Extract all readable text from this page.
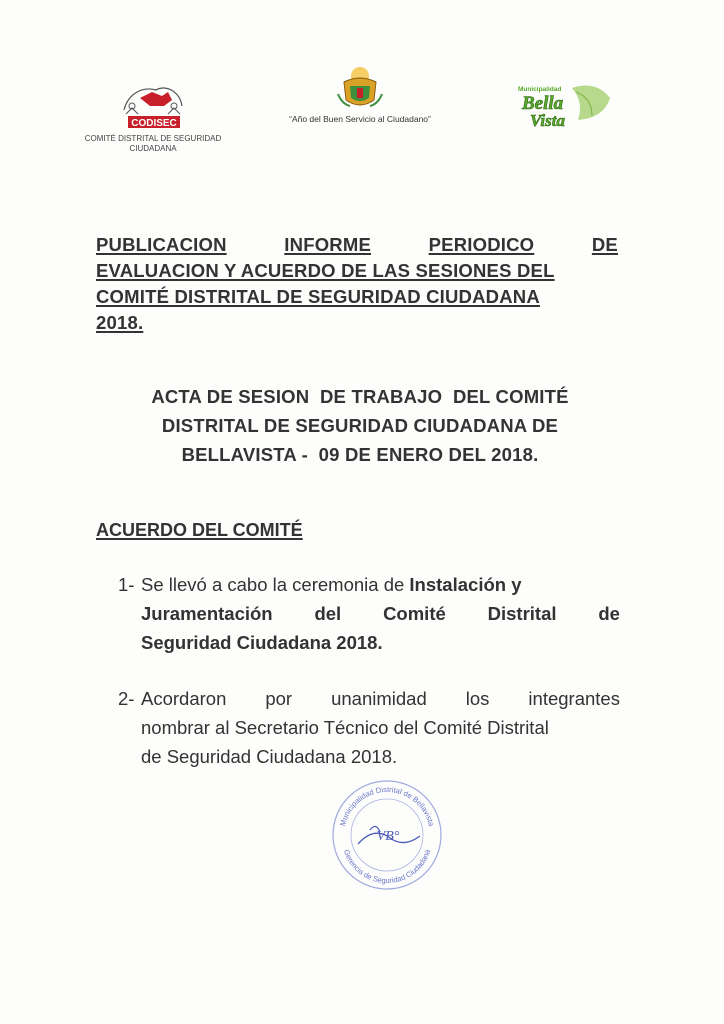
CODISEC
COMITÉ DISTRITAL DE SEGURIDAD
CIUDADANA
“Año del Buen Servicio al Ciudadano”
Municipalidad
Bella
Vista
PUBLICACION	INFORME	PERIODICO	DE
EVALUACION Y ACUERDO DE LAS SESIONES DEL
COMITÉ DISTRITAL DE SEGURIDAD CIUDADANA
2018.
ACTA DE SESION  DE TRABAJO  DEL COMITÉ
DISTRITAL DE SEGURIDAD CIUDADANA DE
BELLAVISTA -  09 DE ENERO DEL 2018.
ACUERDO DEL COMITÉ
1- Se llevó a cabo la ceremonia de Instalación y
Juramentación del Comité Distrital de
Seguridad Ciudadana 2018.
2- Acordaron por unanimidad los integrantes
nombrar al Secretario Técnico del Comité Distrital
de Seguridad Ciudadana 2018.
Municipalidad Distrital de Bellavista
Gerencia de Seguridad Ciudadana
VB°
